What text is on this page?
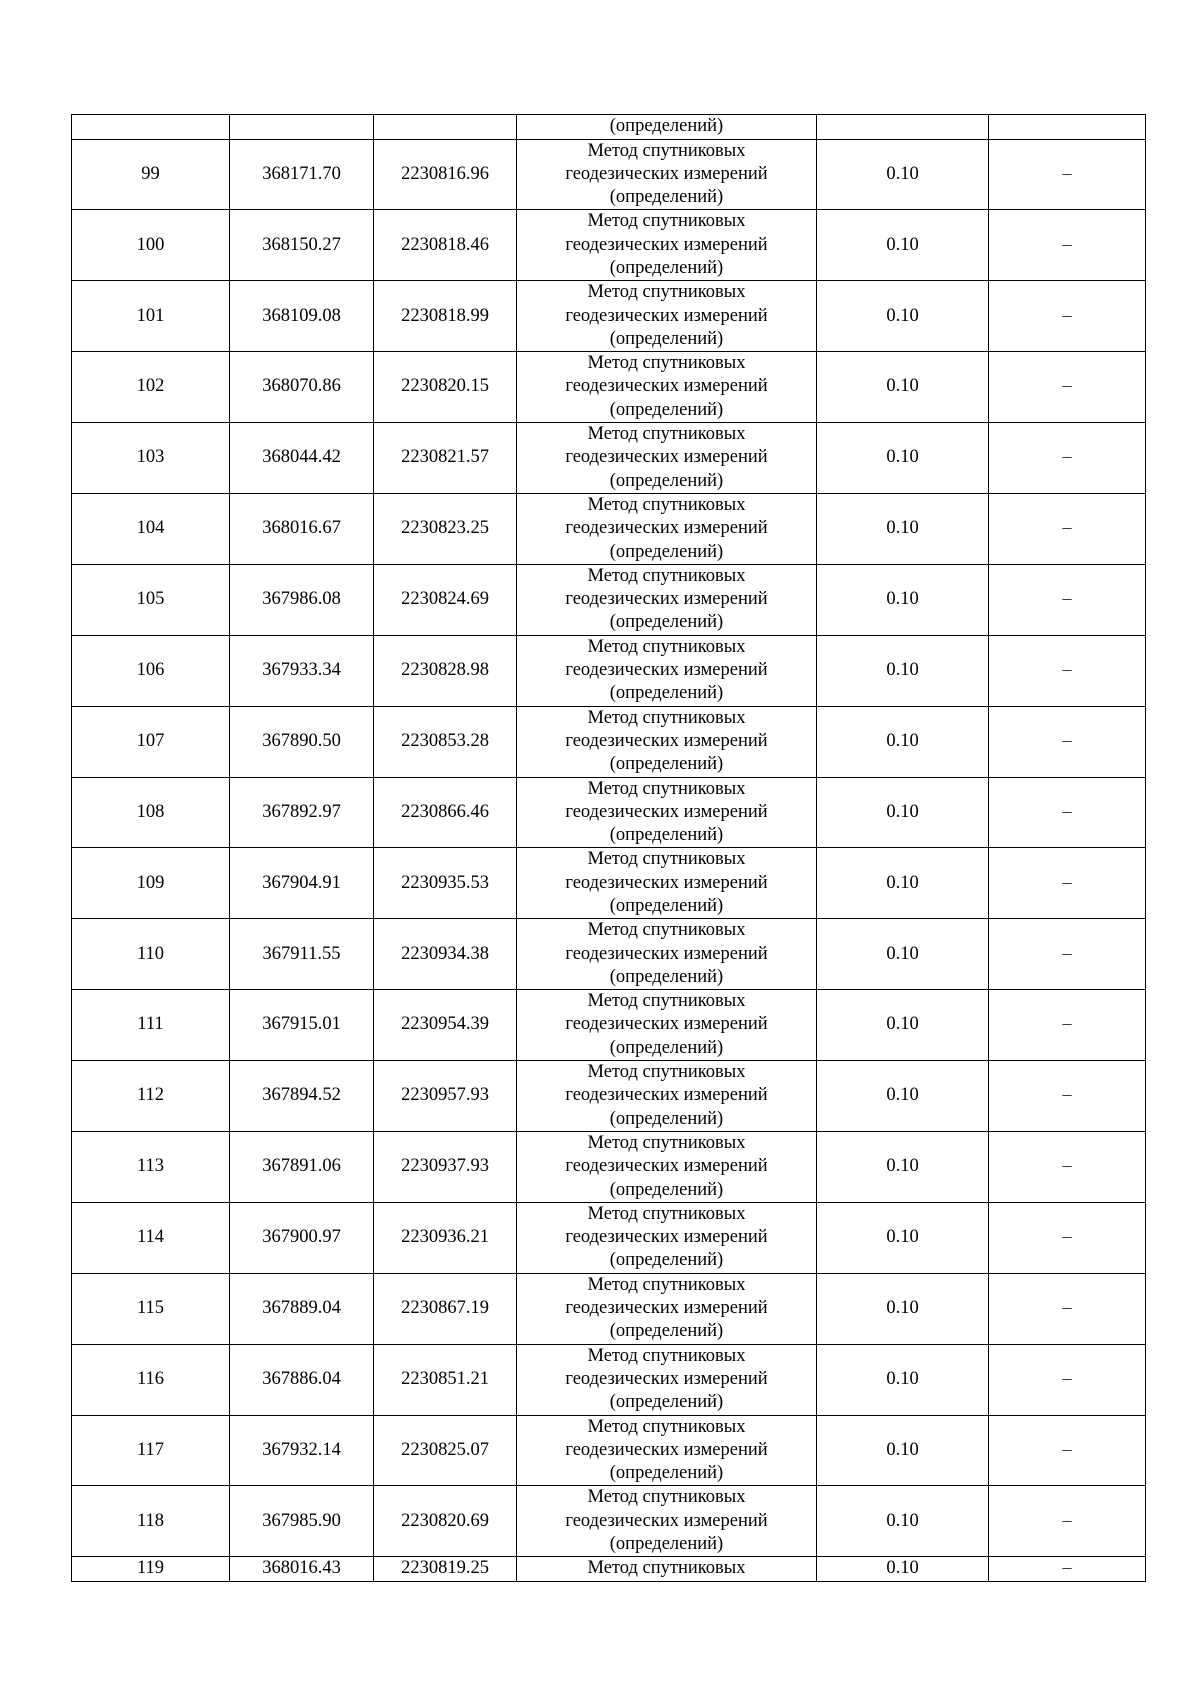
			(определений)		
99	368171.70	2230816.96	Метод спутниковых
геодезических измерений
(определений)	0.10	–
100	368150.27	2230818.46	Метод спутниковых
геодезических измерений
(определений)	0.10	–
101	368109.08	2230818.99	Метод спутниковых
геодезических измерений
(определений)	0.10	–
102	368070.86	2230820.15	Метод спутниковых
геодезических измерений
(определений)	0.10	–
103	368044.42	2230821.57	Метод спутниковых
геодезических измерений
(определений)	0.10	–
104	368016.67	2230823.25	Метод спутниковых
геодезических измерений
(определений)	0.10	–
105	367986.08	2230824.69	Метод спутниковых
геодезических измерений
(определений)	0.10	–
106	367933.34	2230828.98	Метод спутниковых
геодезических измерений
(определений)	0.10	–
107	367890.50	2230853.28	Метод спутниковых
геодезических измерений
(определений)	0.10	–
108	367892.97	2230866.46	Метод спутниковых
геодезических измерений
(определений)	0.10	–
109	367904.91	2230935.53	Метод спутниковых
геодезических измерений
(определений)	0.10	–
110	367911.55	2230934.38	Метод спутниковых
геодезических измерений
(определений)	0.10	–
111	367915.01	2230954.39	Метод спутниковых
геодезических измерений
(определений)	0.10	–
112	367894.52	2230957.93	Метод спутниковых
геодезических измерений
(определений)	0.10	–
113	367891.06	2230937.93	Метод спутниковых
геодезических измерений
(определений)	0.10	–
114	367900.97	2230936.21	Метод спутниковых
геодезических измерений
(определений)	0.10	–
115	367889.04	2230867.19	Метод спутниковых
геодезических измерений
(определений)	0.10	–
116	367886.04	2230851.21	Метод спутниковых
геодезических измерений
(определений)	0.10	–
117	367932.14	2230825.07	Метод спутниковых
геодезических измерений
(определений)	0.10	–
118	367985.90	2230820.69	Метод спутниковых
геодезических измерений
(определений)	0.10	–
119	368016.43	2230819.25	Метод спутниковых	0.10	–
